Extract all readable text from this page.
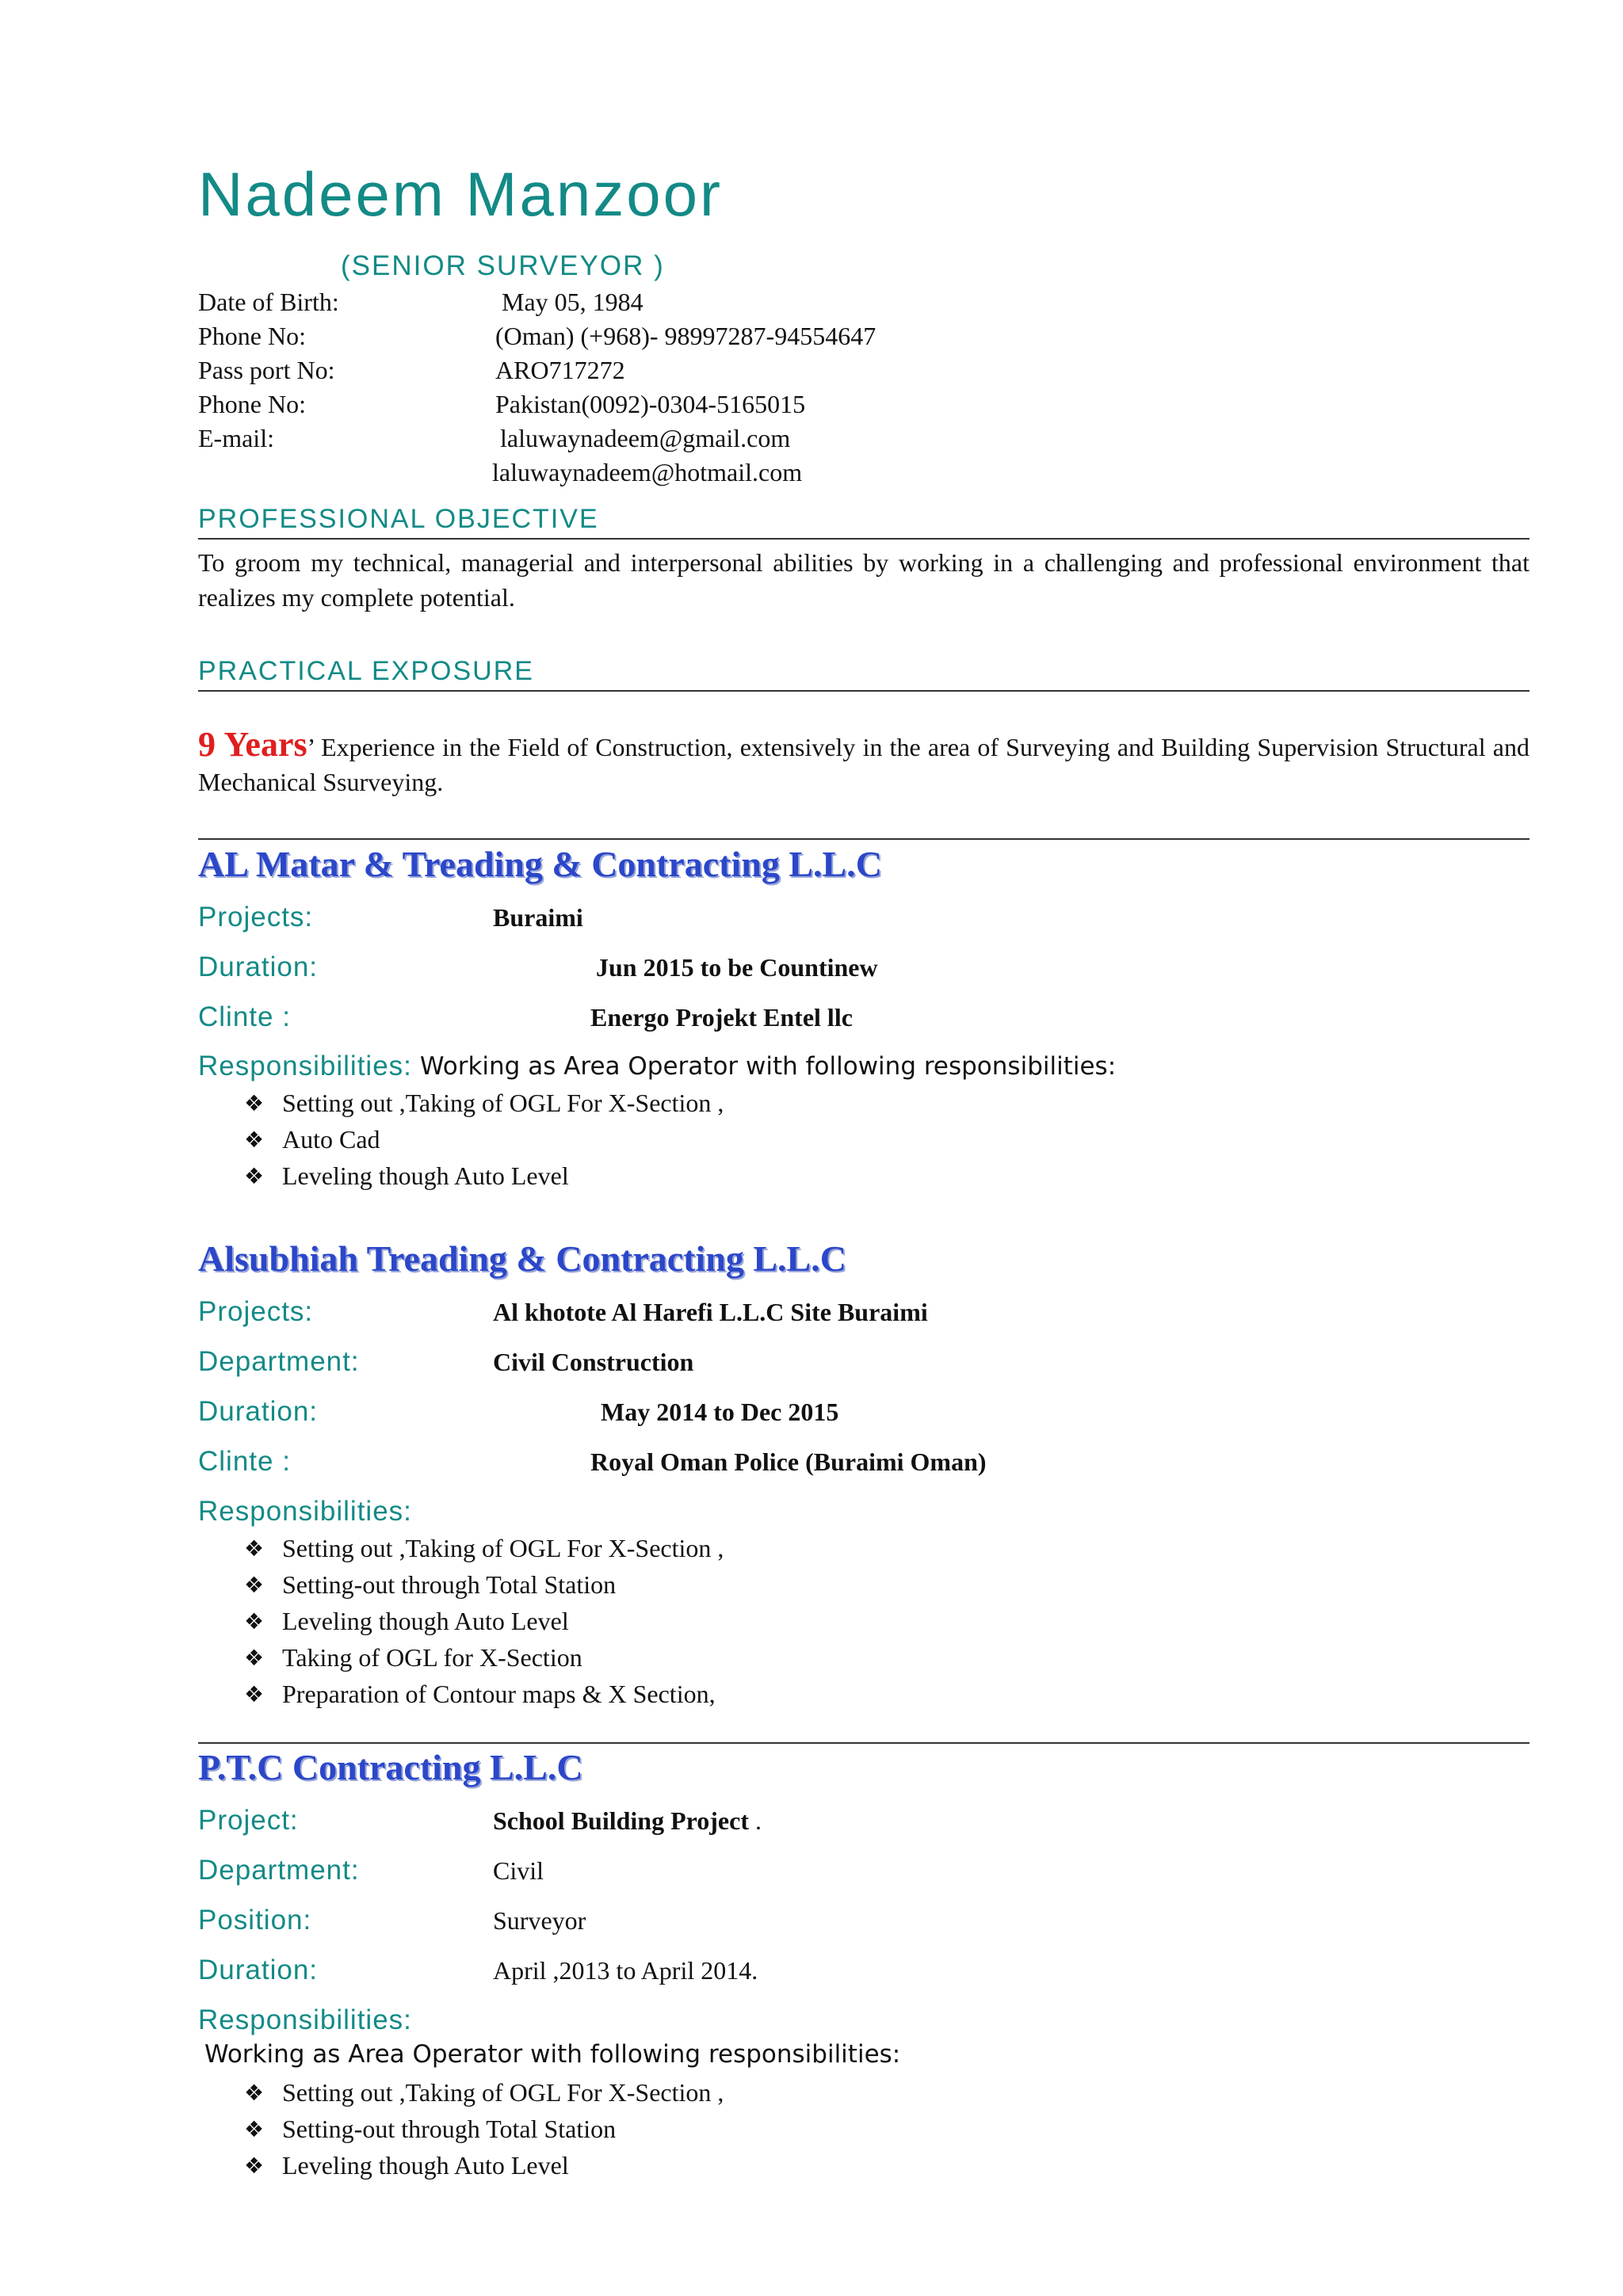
Nadeem Manzoor
(SENIOR SURVEYOR )
Date of Birth:	May 05, 1984
Phone No:	(Oman) (+968)- 98997287-94554647
Pass port No:	ARO717272
Phone No:	Pakistan(0092)-0304-5165015
E-mail:	laluwaynadeem@gmail.com
laluwaynadeem@hotmail.com
PROFESSIONAL OBJECTIVE
To groom my technical, managerial and interpersonal abilities by working in a challenging and professional environment that realizes my complete potential.
PRACTICAL EXPOSURE
9 Years’ Experience in the Field of Construction, extensively in the area of Surveying and Building Supervision Structural and Mechanical Ssurveying.
AL Matar & Treading & Contracting L.L.C
Projects:	Buraimi
Duration:	Jun 2015 to be Countinew
Clinte :	Energo Projekt Entel llc
Responsibilities: Working as Area Operator with following responsibilities:
❖ Setting out ,Taking of OGL For X-Section ,
❖ Auto Cad
❖ Leveling though Auto Level
Alsubhiah Treading & Contracting L.L.C
Projects:	Al khotote Al Harefi L.L.C Site Buraimi
Department:	Civil Construction
Duration:	May 2014 to Dec 2015
Clinte :	Royal Oman Police (Buraimi Oman)
Responsibilities:
❖ Setting out ,Taking of OGL For X-Section ,
❖ Setting-out through Total Station
❖ Leveling though Auto Level
❖ Taking of OGL for X-Section
❖ Preparation of Contour maps & X Section,
P.T.C Contracting L.L.C
Project:	School Building Project .
Department:	Civil
Position:	Surveyor
Duration:	April ,2013 to April 2014.
Responsibilities:
Working as Area Operator with following responsibilities:
❖ Setting out ,Taking of OGL For X-Section ,
❖ Setting-out through Total Station
❖ Leveling though Auto Level
